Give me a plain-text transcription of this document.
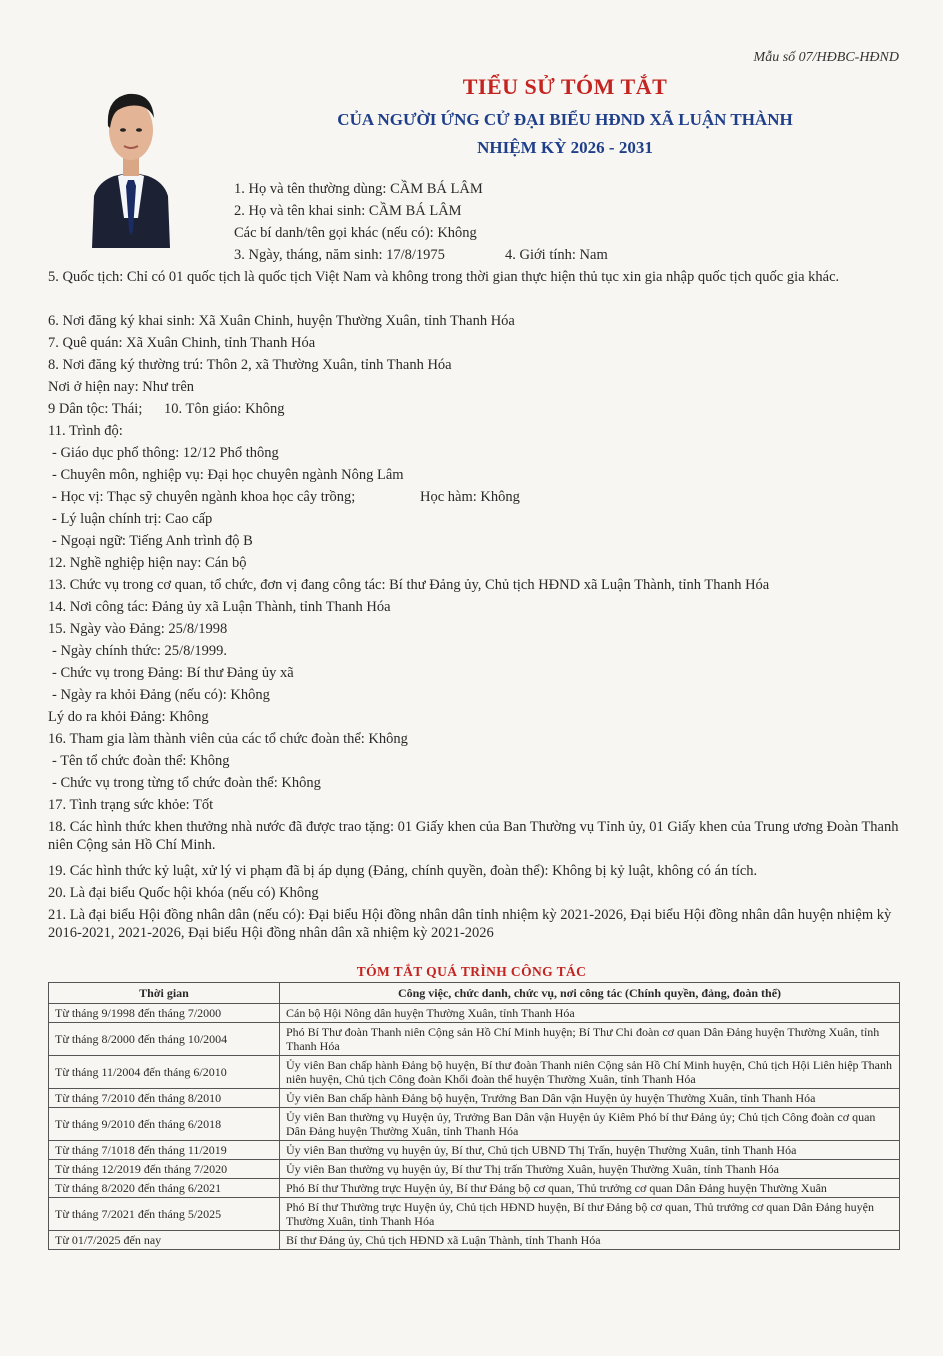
Mẫu số 07/HĐBC-HĐND
TIỂU SỬ TÓM TẮT
CỦA NGƯỜI ỨNG CỬ ĐẠI BIỂU HĐND XÃ LUẬN THÀNH
NHIỆM KỲ 2026 - 2031
1. Họ và tên thường dùng: CẦM BÁ LÂM
2. Họ và tên khai sinh: CẦM BÁ LÂM
Các bí danh/tên gọi khác (nếu có): Không
3. Ngày, tháng, năm sinh: 17/8/1975	4. Giới tính: Nam
5. Quốc tịch: Chỉ có 01 quốc tịch là quốc tịch Việt Nam và không trong thời gian thực hiện thủ tục xin gia nhập quốc tịch quốc gia khác.
6. Nơi đăng ký khai sinh: Xã Xuân Chinh, huyện Thường Xuân, tỉnh Thanh Hóa
7. Quê quán: Xã Xuân Chinh, tỉnh Thanh Hóa
8. Nơi đăng ký thường trú: Thôn 2, xã Thường Xuân, tỉnh Thanh Hóa
Nơi ở hiện nay: Như trên
9 Dân tộc: Thái; 10. Tôn giáo: Không
11. Trình độ:
- Giáo dục phổ thông: 12/12 Phổ thông
- Chuyên môn, nghiệp vụ: Đại học chuyên ngành Nông Lâm
- Học vị: Thạc sỹ chuyên ngành khoa học cây trồng;	Học hàm: Không
- Lý luận chính trị: Cao cấp
- Ngoại ngữ: Tiếng Anh trình độ B
12. Nghề nghiệp hiện nay: Cán bộ
13. Chức vụ trong cơ quan, tổ chức, đơn vị đang công tác: Bí thư Đảng ủy, Chủ tịch HĐND xã Luận Thành, tỉnh Thanh Hóa
14. Nơi công tác: Đảng ủy xã Luận Thành, tỉnh Thanh Hóa
15. Ngày vào Đảng: 25/8/1998
- Ngày chính thức: 25/8/1999.
- Chức vụ trong Đảng: Bí thư Đảng ủy xã
- Ngày ra khỏi Đảng (nếu có): Không
Lý do ra khỏi Đảng: Không
16. Tham gia làm thành viên của các tổ chức đoàn thể: Không
- Tên tổ chức đoàn thể: Không
- Chức vụ trong từng tổ chức đoàn thể: Không
17. Tình trạng sức khỏe: Tốt
18. Các hình thức khen thưởng nhà nước đã được trao tặng: 01 Giấy khen của Ban Thường vụ Tỉnh ủy, 01 Giấy khen của Trung ương Đoàn Thanh niên Cộng sản Hồ Chí Minh.
19. Các hình thức kỷ luật, xử lý vi phạm đã bị áp dụng (Đảng, chính quyền, đoàn thể): Không bị kỷ luật, không có án tích.
20. Là đại biểu Quốc hội khóa (nếu có) Không
21. Là đại biểu Hội đồng nhân dân (nếu có): Đại biểu Hội đồng nhân dân tỉnh nhiệm kỳ 2021-2026, Đại biểu Hội đồng nhân dân huyện nhiệm kỳ 2016-2021, 2021-2026, Đại biểu Hội đồng nhân dân xã nhiệm kỳ 2021-2026
TÓM TẮT QUÁ TRÌNH CÔNG TÁC
Thời gian	Công việc, chức danh, chức vụ, nơi công tác (Chính quyền, đảng, đoàn thể)
Từ tháng 9/1998 đến tháng 7/2000	Cán bộ Hội Nông dân huyện Thường Xuân, tỉnh Thanh Hóa
Từ tháng 8/2000 đến tháng 10/2004	Phó Bí Thư đoàn Thanh niên Cộng sản Hồ Chí Minh huyện; Bí Thư Chi đoàn cơ quan Dân Đảng huyện Thường Xuân, tỉnh Thanh Hóa
Từ tháng 11/2004 đến tháng 6/2010	Ủy viên Ban chấp hành Đảng bộ huyện, Bí thư đoàn Thanh niên Cộng sản Hồ Chí Minh huyện, Chủ tịch Hội Liên hiệp Thanh niên huyện, Chủ tịch Công đoàn Khối đoàn thể huyện Thường Xuân, tỉnh Thanh Hóa
Từ tháng 7/2010 đến tháng 8/2010	Ủy viên Ban chấp hành Đảng bộ huyện, Trưởng Ban Dân vận Huyện ủy huyện Thường Xuân, tỉnh Thanh Hóa
Từ tháng 9/2010 đến tháng 6/2018	Ủy viên Ban thường vụ Huyện ủy, Trưởng Ban Dân vận Huyện ủy Kiêm Phó bí thư Đảng ủy; Chủ tịch Công đoàn cơ quan Dân Đảng huyện Thường Xuân, tỉnh Thanh Hóa
Từ tháng 7/1018 đến tháng 11/2019	Ủy viên Ban thường vụ huyện ủy, Bí thư, Chủ tịch UBND Thị Trấn, huyện Thường Xuân, tỉnh Thanh Hóa
Từ tháng 12/2019 đến tháng 7/2020	Ủy viên Ban thường vụ huyện ủy, Bí thư Thị trấn Thường Xuân, huyện Thường Xuân, tỉnh Thanh Hóa
Từ tháng 8/2020 đến tháng 6/2021	Phó Bí thư Thường trực Huyện ủy, Bí thư Đảng bộ cơ quan, Thủ trưởng cơ quan Dân Đảng huyện Thường Xuân
Từ tháng 7/2021 đến tháng 5/2025	Phó Bí thư Thường trực Huyện ủy, Chủ tịch HĐND huyện, Bí thư Đảng bộ cơ quan, Thủ trưởng cơ quan Dân Đảng huyện Thường Xuân, tỉnh Thanh Hóa
Từ 01/7/2025 đến nay	Bí thư Đảng ủy, Chủ tịch HĐND xã Luận Thành, tỉnh Thanh Hóa
